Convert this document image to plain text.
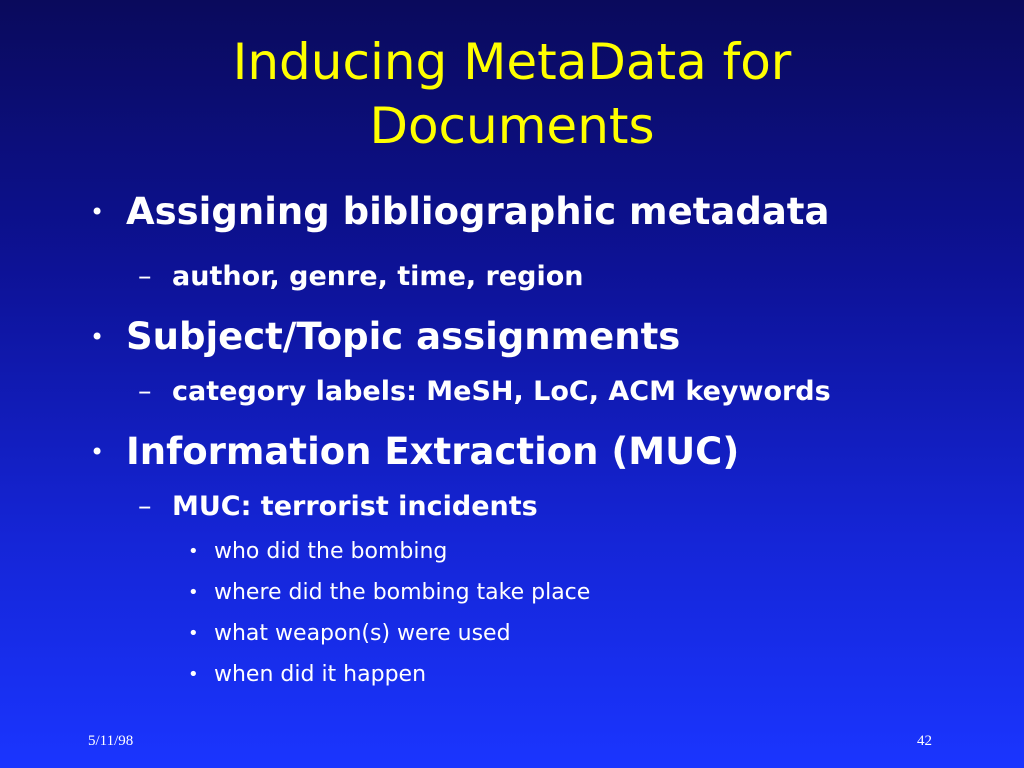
Inducing MetaData for
Documents
• Assigning bibliographic metadata
– author, genre, time, region
• Subject/Topic assignments
– category labels: MeSH, LoC, ACM keywords
• Information Extraction (MUC)
– MUC: terrorist incidents
• who did the bombing
• where did the bombing take place
• what weapon(s) were used
• when did it happen
5/11/98	42
